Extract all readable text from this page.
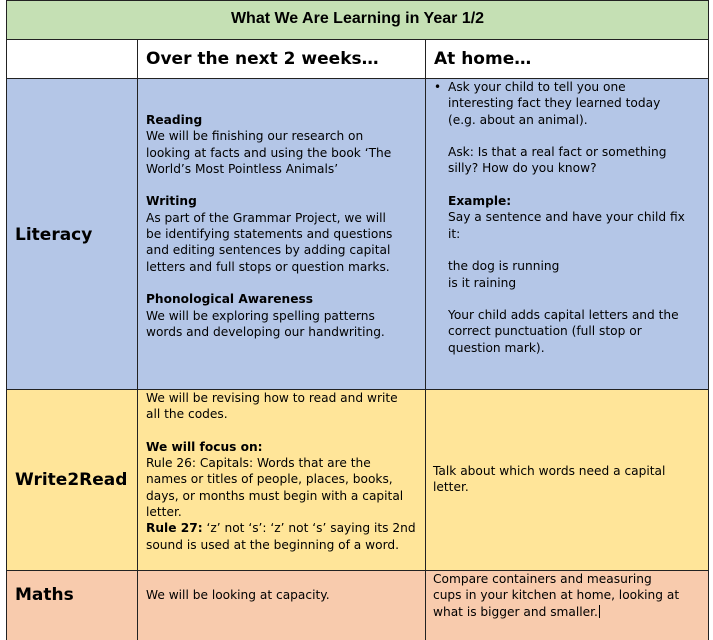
What We Are Learning in Year 1/2
Over the next 2 weeks…	At home…
Literacy

Reading

We will be finishing our research on

looking at facts and using the book ‘The

World’s Most Pointless Animals’

Writing

As part of the Grammar Project, we will

be identifying statements and questions

and editing sentences by adding capital

letters and full stops or question marks.

Phonological Awareness

We will be exploring spelling patterns

words and developing our handwriting.

• Ask your child to tell you one

interesting fact they learned today

(e.g. about an animal).

Ask: Is that a real fact or something

silly? How do you know?

Example:

Say a sentence and have your child fix

it:

the dog is running

is it raining

Your child adds capital letters and the

correct punctuation (full stop or

question mark).

Write2Read

We will be revising how to read and write

all the codes.

We will focus on:

Rule 26: Capitals: Words that are the

names or titles of people, places, books,

days, or months must begin with a capital

letter.

Rule 27: ‘z’ not ‘s’: ‘z’ not ‘s’ saying its 2nd

sound is used at the beginning of a word.

Talk about which words need a capital

letter.

Maths	We will be looking at capacity.

Compare containers and measuring

cups in your kitchen at home, looking at

what is bigger and smaller.
